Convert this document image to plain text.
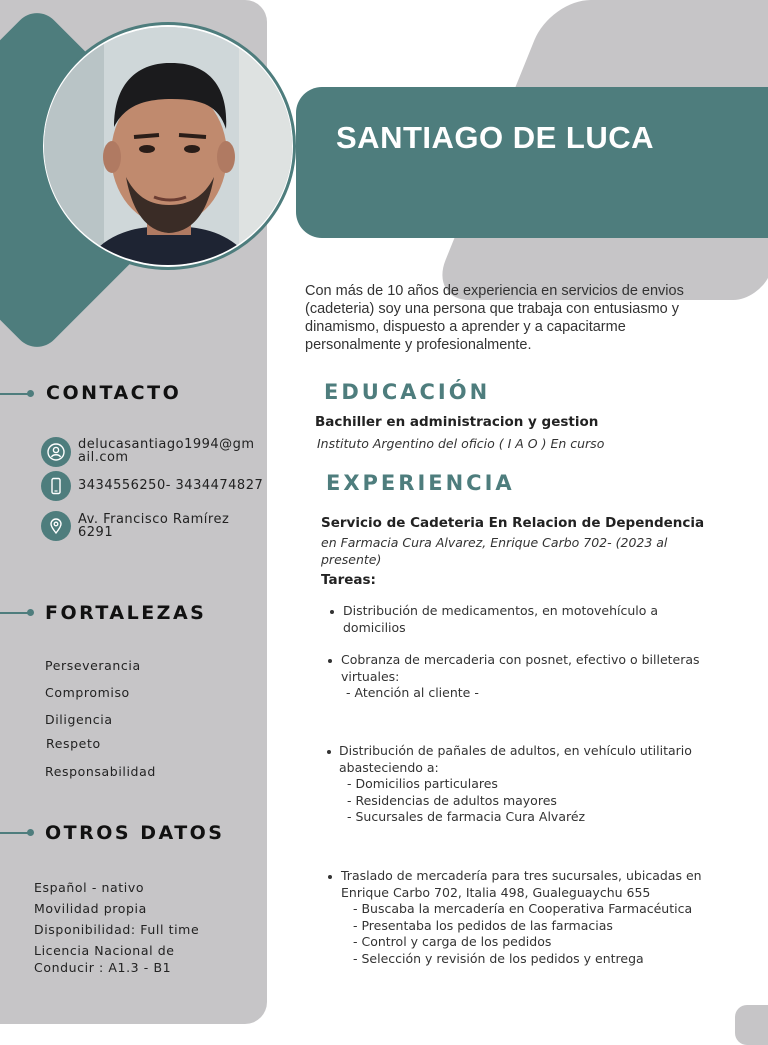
SANTIAGO DE LUCA
Con más de 10 años de experiencia en servicios de envios (cadeteria) soy una persona que trabaja con entusiasmo y dinamismo, dispuesto a aprender y a capacitarme personalmente y profesionalmente.
CONTACTO
delucasantiago1994@gm
ail.com
3434556250- 3434474827
Av. Francisco Ramírez
6291
FORTALEZAS
Perseverancia
Compromiso
Diligencia
Respeto
Responsabilidad
OTROS DATOS
Español - nativo
Movilidad propia
Disponibilidad: Full time
Licencia Nacional de
Conducir : A1.3 - B1
EDUCACIÓN
Bachiller en administracion y gestion
Instituto Argentino del oficio ( I A O ) En curso
EXPERIENCIA
Servicio de Cadeteria En Relacion de Dependencia
en Farmacia Cura Alvarez, Enrique Carbo 702- (2023 al
presente)
Tareas:
Distribución de medicamentos, en motovehículo a
domicilios
Cobranza de mercaderia con posnet, efectivo o billeteras
virtuales:
- Atención al cliente -
Distribución de pañales de adultos, en vehículo utilitario
abasteciendo a:
- Domicilios particulares
- Residencias de adultos mayores
- Sucursales de farmacia Cura Alvaréz
Traslado de mercadería para tres sucursales, ubicadas en
Enrique Carbo 702, Italia 498, Gualeguaychu 655
- Buscaba la mercadería en Cooperativa Farmacéutica
- Presentaba los pedidos de las farmacias
- Control y carga de los pedidos
- Selección y revisión de los pedidos y entrega
